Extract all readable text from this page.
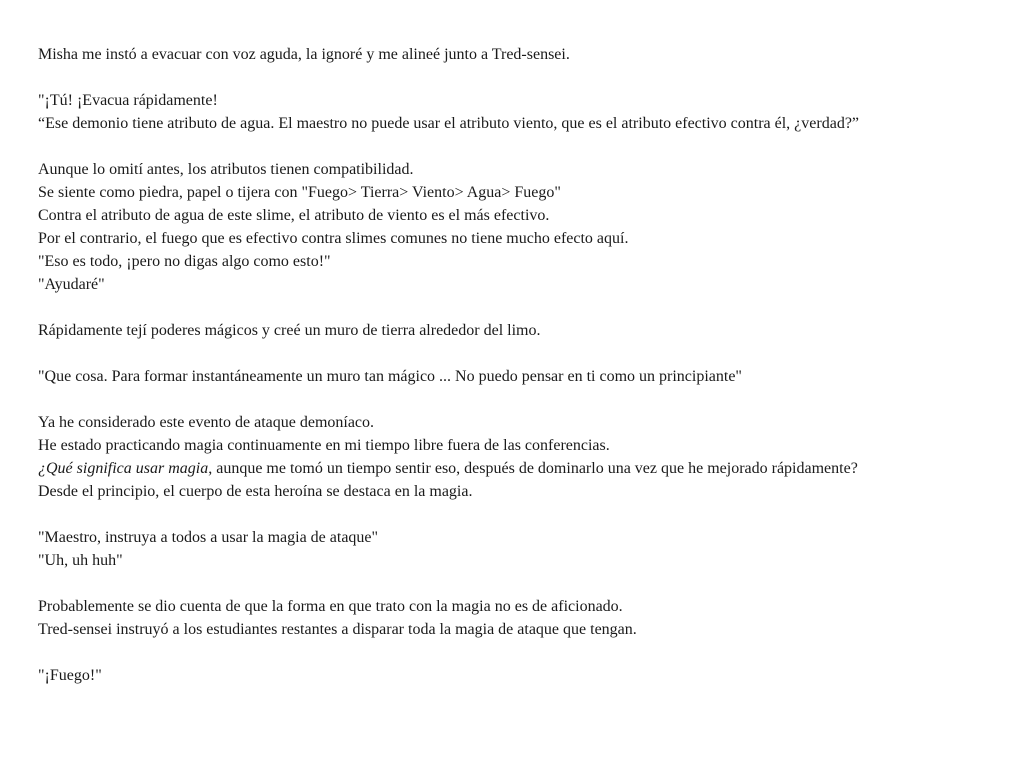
Misha me instó a evacuar con voz aguda, la ignoré y me alineé junto a Tred-sensei.

"¡Tú! ¡Evacua rápidamente!
“Ese demonio tiene atributo de agua. El maestro no puede usar el atributo viento, que es el atributo efectivo contra él, ¿verdad?”

Aunque lo omití antes, los atributos tienen compatibilidad.
Se siente como piedra, papel o tijera con "Fuego> Tierra> Viento> Agua> Fuego"
Contra el atributo de agua de este slime, el atributo de viento es el más efectivo.
Por el contrario, el fuego que es efectivo contra slimes comunes no tiene mucho efecto aquí.
"Eso es todo, ¡pero no digas algo como esto!"
"Ayudaré"

Rápidamente tejí poderes mágicos y creé un muro de tierra alrededor del limo.

"Que cosa. Para formar instantáneamente un muro tan mágico ... No puedo pensar en ti como un principiante"

Ya he considerado este evento de ataque demoníaco.
He estado practicando magia continuamente en mi tiempo libre fuera de las conferencias.
¿Qué significa usar magia, aunque me tomó un tiempo sentir eso, después de dominarlo una vez que he mejorado rápidamente?
Desde el principio, el cuerpo de esta heroína se destaca en la magia.

"Maestro, instruya a todos a usar la magia de ataque"
"Uh, uh huh"

Probablemente se dio cuenta de que la forma en que trato con la magia no es de aficionado.
Tred-sensei instruyó a los estudiantes restantes a disparar toda la magia de ataque que tengan.

"¡Fuego!"
